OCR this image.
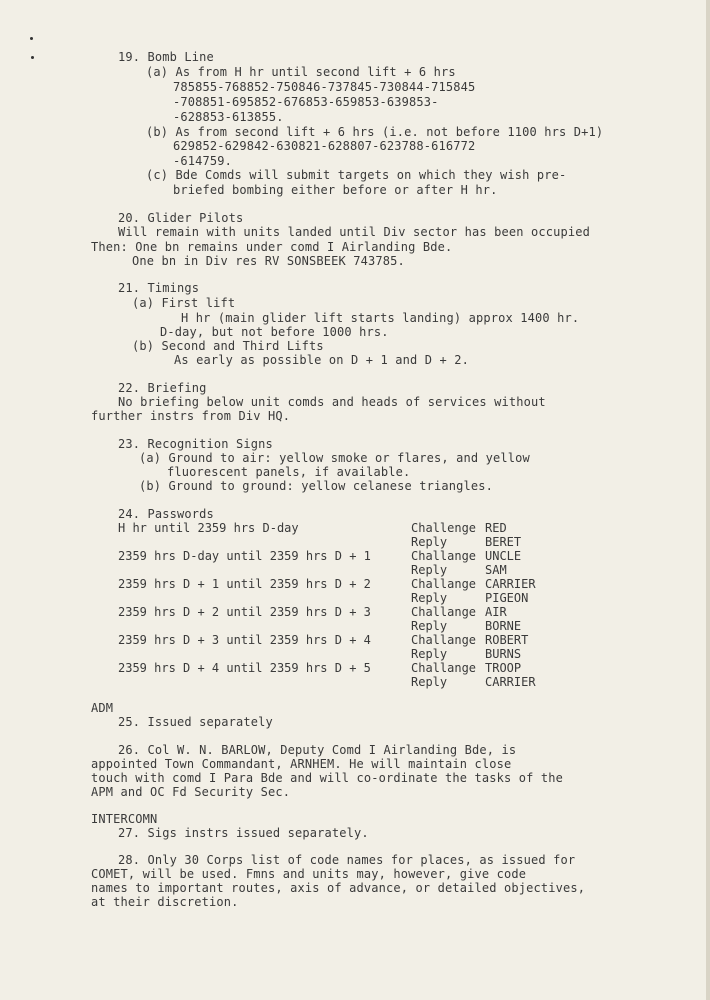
19. Bomb Line
(a) As from H hr until second lift + 6 hrs
785855-768852-750846-737845-730844-715845
-708851-695852-676853-659853-639853-
-628853-613855.
(b) As from second lift + 6 hrs (i.e. not before 1100 hrs D+1)
629852-629842-630821-628807-623788-616772
-614759.
(c) Bde Comds will submit targets on which they wish pre-
briefed bombing either before or after H hr.
20. Glider Pilots
Will remain with units landed until Div sector has been occupied
Then: One bn remains under comd I Airlanding Bde.
One bn in Div res RV SONSBEEK 743785.
21. Timings
(a) First lift
H hr (main glider lift starts landing) approx 1400 hr.
D-day, but not before 1000 hrs.
(b) Second and Third Lifts
As early as possible on D + 1 and D + 2.
22. Briefing
No briefing below unit comds and heads of services without
further instrs from Div HQ.
23. Recognition Signs
(a) Ground to air: yellow smoke or flares, and yellow
fluorescent panels, if available.
(b) Ground to ground: yellow celanese triangles.
24. Passwords
H hr until 2359 hrs D-day	Challenge RED
Reply	BERET
2359 hrs D-day until 2359 hrs D + 1	Challange UNCLE
Reply	SAM
2359 hrs D + 1 until 2359 hrs D + 2	Challange CARRIER
Reply	PIGEON
2359 hrs D + 2 until 2359 hrs D + 3	Challange AIR
Reply	BORNE
2359 hrs D + 3 until 2359 hrs D + 4	Challange ROBERT
Reply	BURNS
2359 hrs D + 4 until 2359 hrs D + 5	Challange TROOP
Reply	CARRIER
ADM
25. Issued separately
26. Col W. N. BARLOW, Deputy Comd I Airlanding Bde, is
appointed Town Commandant, ARNHEM. He will maintain close
touch with comd I Para Bde and will co-ordinate the tasks of the
APM and OC Fd Security Sec.
INTERCOMN
27. Sigs instrs issued separately.
28. Only 30 Corps list of code names for places, as issued for
COMET, will be used. Fmns and units may, however, give code
names to important routes, axis of advance, or detailed objectives,
at their discretion.
